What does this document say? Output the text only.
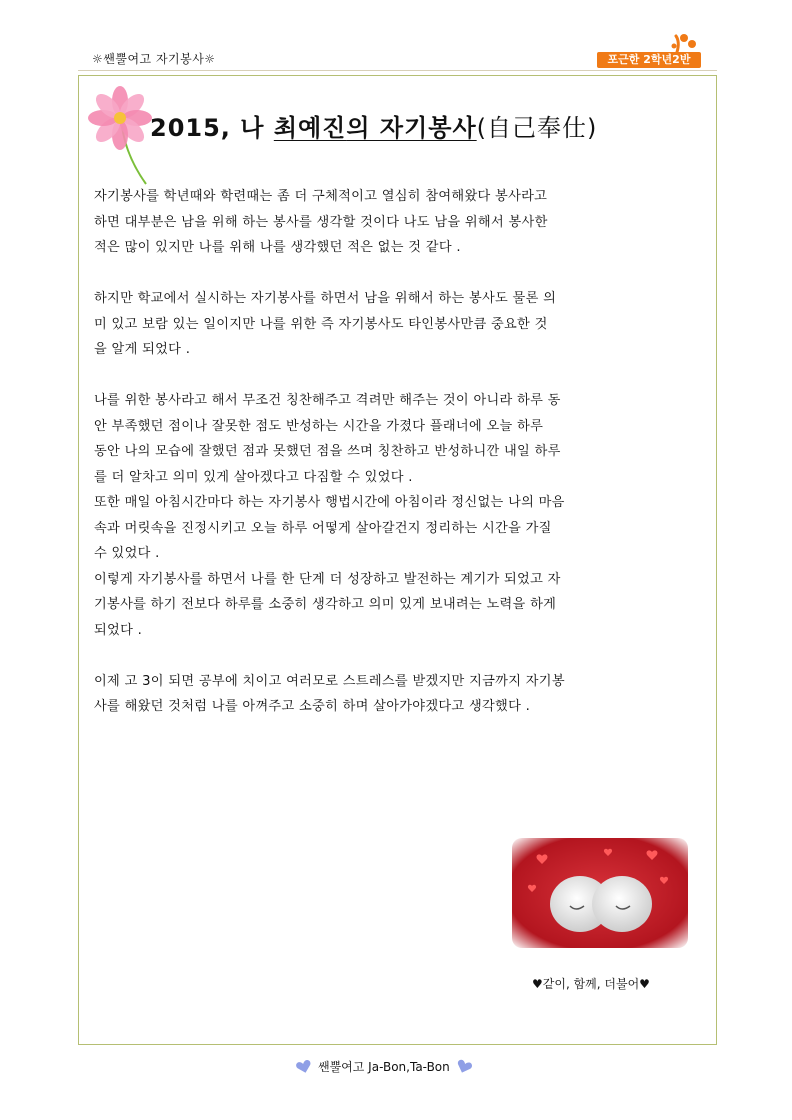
☼쌘뿔여고 자기봉사☼	포근한 2학년2반
2015, 나 최예진의 자기봉사(自己奉仕)

자기봉사를 학년때와 학련때는 좀 더 구체적이고 열심히 참여해왔다 봉사라고

하면 대부분은 남을 위해 하는 봉사를 생각할 것이다 나도 남을 위해서 봉사한

적은 많이 있지만 나를 위해 나를 생각했던 적은 없는 것 같다 .

하지만 학교에서 실시하는 자기봉사를 하면서 남을 위해서 하는 봉사도 물론 의

미 있고 보람 있는 일이지만 나를 위한 즉 자기봉사도 타인봉사만큼 중요한 것

을 알게 되었다 .

나를 위한 봉사라고 해서 무조건 칭찬해주고 격려만 해주는 것이 아니라 하루 동

안 부족했던 점이나 잘못한 점도 반성하는 시간을 가졌다 플래너에 오늘 하루

동안 나의 모습에 잘했던 점과 못했던 점을 쓰며 칭찬하고 반성하니깐 내일 하루

를 더 알차고 의미 있게 살아겠다고 다짐할 수 있었다 .

또한 매일 아침시간마다 하는 자기봉사 행법시간에 아침이라 정신없는 나의 마음

속과 머릿속을 진정시키고 오늘 하루 어떻게 살아갈건지 정리하는 시간을 가질

수 있었다 .

이렇게 자기봉사를 하면서 나를 한 단계 더 성장하고 발전하는 계기가 되었고 자

기봉사를 하기 전보다 하루를 소중히 생각하고 의미 있게 보내려는 노력을 하게

되었다 .

이제 고 3이 되면 공부에 치이고 여러모로 스트레스를 받겠지만 지금까지 자기봉

사를 해왔던 것처럼 나를 아껴주고 소중히 하며 살아가야겠다고 생각했다 .

♥같이, 함께, 더불어♥
쌘뿔여고 Ja-Bon,Ta-Bon
